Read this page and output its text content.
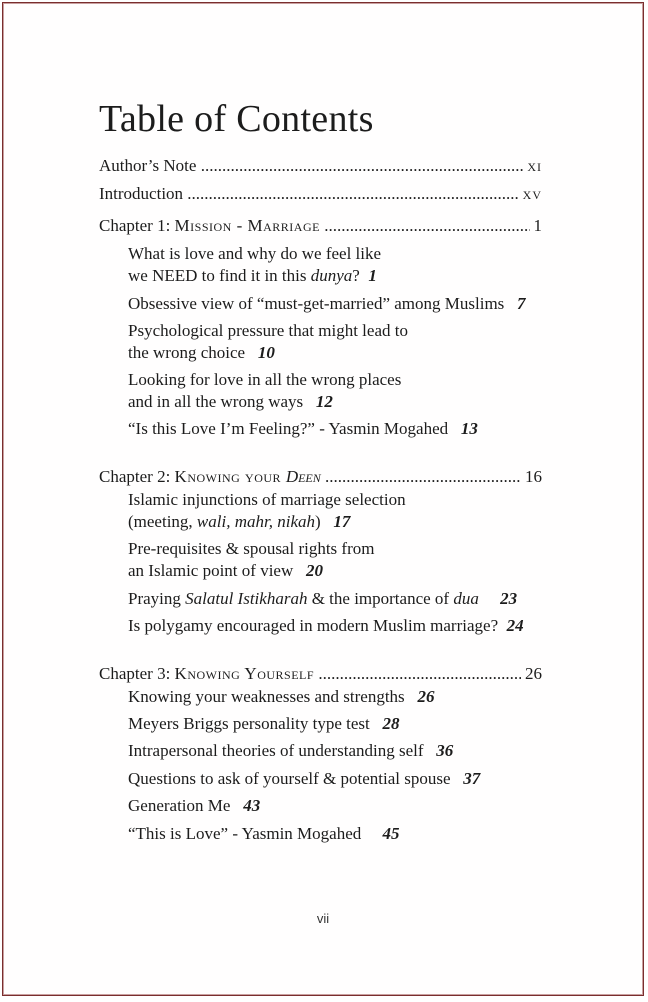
Table of Contents
Author’s Note .....	xi
Introduction .....	xv
Chapter 1: Mission - Marriage .....	1
What is love and why do we feel like
we NEED to find it in this dunya? 1
Obsessive view of “must-get-married” among Muslims 7
Psychological pressure that might lead to
the wrong choice 10
Looking for love in all the wrong places
and in all the wrong ways 12
“Is this Love I’m Feeling?” - Yasmin Mogahed 13
Chapter 2: Knowing your Deen .....	16
Islamic injunctions of marriage selection
(meeting, wali, mahr, nikah) 17
Pre-requisites & spousal rights from
an Islamic point of view 20
Praying Salatul Istikharah & the importance of dua 23
Is polygamy encouraged in modern Muslim marriage? 24
Chapter 3: Knowing Yourself .....	26
Knowing your weaknesses and strengths 26
Meyers Briggs personality type test 28
Intrapersonal theories of understanding self 36
Questions to ask of yourself & potential spouse 37
Generation Me 43
“This is Love” - Yasmin Mogahed 45
vii
